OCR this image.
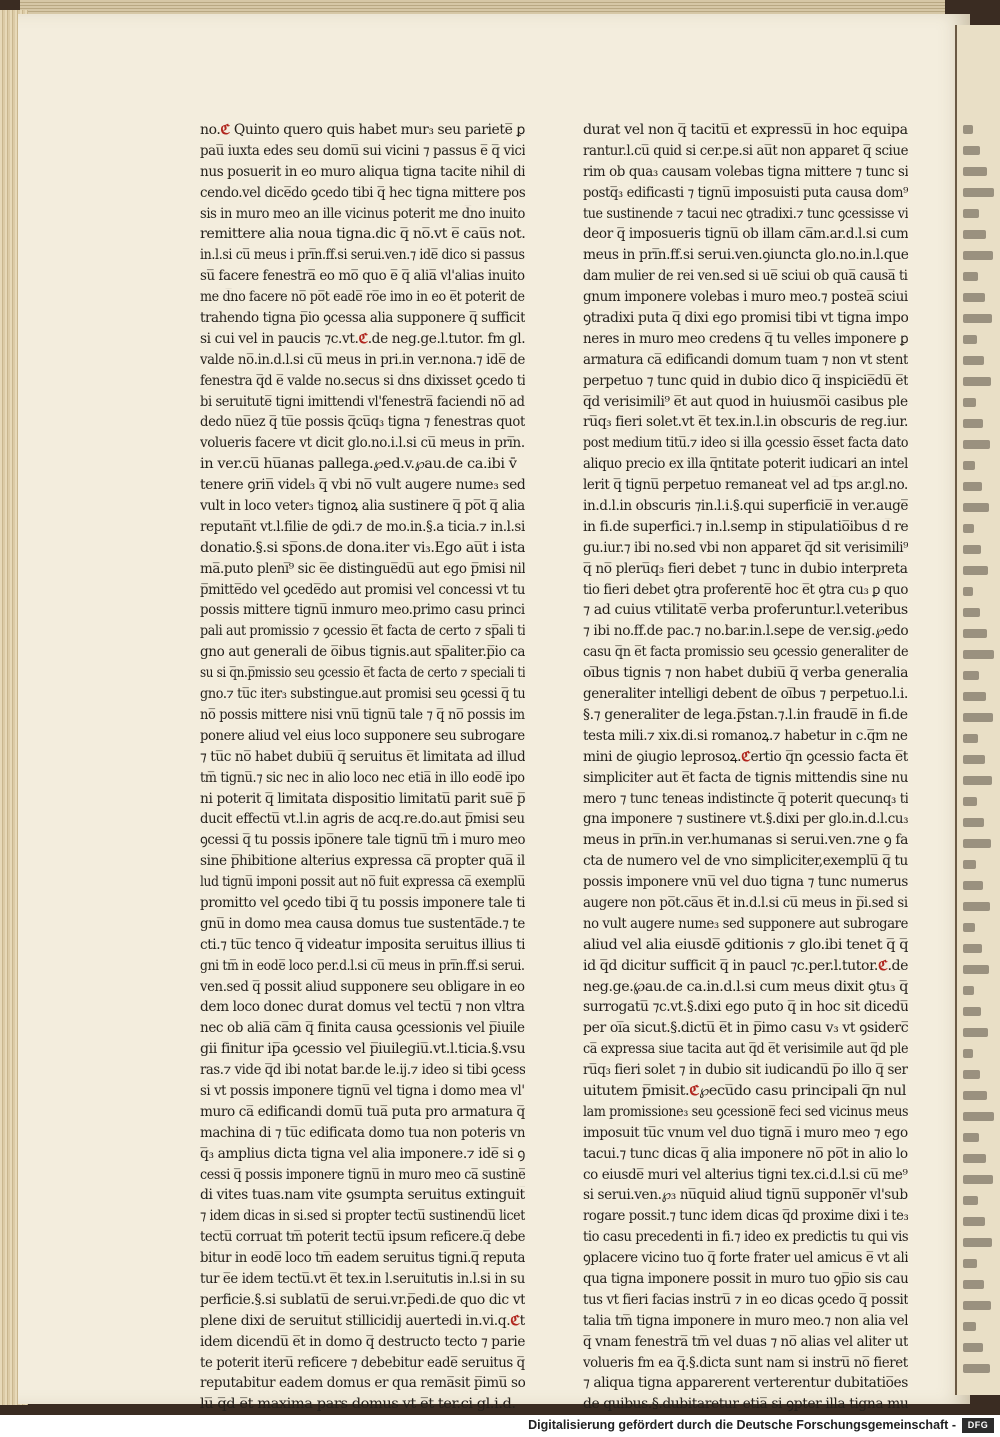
no.ℭ Quinto quero quis habet mur₃ seu pariete̅ ꝑ
pau̅ iuxta edes seu domu̅ sui vicini ⁊ passus e̅ q̅ vici
nus posuerit in eo muro aliqua tigna tacite nihil di
cendo.vel dice̅do ꝯcedo tibi q̅ hec tigna mittere pos
sis in muro meo an ille vicinus poterit me d̅no inuito
remittere alia noua tigna.dic q̅ no̅.vt e̅ cau̅s not.
in.l.si cu̅ meus i pri̅n.ff.si serui.ven.⁊ ide̅ dico si passus
su̅ facere fenestra̅ eo mo̅ quo e̅ q̅ alia̅ vl'alias inuito
me d̅no facere no̅ po̅t eade̅ ro̅e imo in eo e̅t poterit de
trahendo tigna p̅io ꝯcessa alia supponere q̅ sufficit
si cui vel in paucis ⁊c.vt.ℭ.de neg.ge.l.tutor. fm gl.
valde no̅.in.d.l.si cu̅ meus in pri.in ver.nona.⁊ ide̅ de
fenestra q̅d e̅ valde no.secus si d̅ns dixisset ꝯcedo ti
bi seruitute̅ tigni imittendi vl'fenestra̅ faciendi no̅ ad
dedo nu̅ez q̅ tu̅e possis q̅cu̅q₃ tigna ⁊ fenestras quot
volueris facere vt dicit glo.no.i.l.si cu̅ meus in pri̅n.
in ver.cu̅ hu̅anas pallega.℘ed.v.℘au.de ca.ibi v̄
tenere ꝯrin̅ videl₃ q̅ vbi no̅ vult augere nume₃ sed
vult in loco veter₃ tignoꝝ alia sustinere q̅ po̅t q̅ alia
reputan̅t vt.l.filie de ꝯdi.⁊ de mo.in.§.a ticia.⁊ in.l.si
donatio.§.si sp̅ons.de dona.iter vi₃.Ego au̅t i ista
ma̅.puto pleni̅⁹ sic e̅e distingue̅du̅ aut ego p̅misi nil
p̅mitte̅do vel ꝯcede̅do aut promisi vel concessi vt tu
possis mittere tignu̅ inmuro meo.primo casu princi
pali aut promissio ⁊ ꝯcessio e̅t facta de certo ⁊ sp̅ali ti
gno aut generali de o̅ibus tignis.aut sp̅aliter.p̅io ca
su si q̅n.p̅missio seu ꝯcessio e̅t facta de certo ⁊ speciali ti
gno.⁊ tu̅c iter₃ substingue.aut promisi seu ꝯcessi q̅ tu
no̅ possis mittere nisi vnu̅ tignu̅ tale ⁊ q̅ no̅ possis im
ponere aliud vel eius loco supponere seu subrogare
⁊ tu̅c no̅ habet dubiu̅ q̅ seruitus e̅t limitata ad illud
tm̅ tignu̅.⁊ sic nec in alio loco nec etia̅ in illo eode̅ ipo
ni poterit q̅ limitata dispositio limitatu̅ parit sue̅ p̅
ducit effectu̅ vt.l.in agris de acq.re.do.aut p̅misi seu
ꝯcessi q̅ tu possis ipo̅nere tale tignu̅ tm̅ i muro meo
sine p̅hibitione alterius expressa ca̅ propter qua̅ il
lud tignu̅ imponi possit aut no̅ fuit expressa ca̅ exemplu̅
promitto vel ꝯcedo tibi q̅ tu possis imponere tale ti
gnu̅ in domo mea causa domus tue sustenta̅de.⁊ te
cti.⁊ tu̅c tenco q̅ videatur imposita seruitus illius ti
gni tm̅ in eode̅ loco per.d.l.si cu̅ meus in pri̅n.ff.si serui.
ven.sed q̅ possit aliud supponere seu obligare in eo
dem loco donec durat domus vel tectu̅ ⁊ non vltra
nec ob alia̅ ca̅m q̅ finita causa ꝯcessionis vel p̅iuile
gii finitur ip̅a ꝯcessio vel p̅iuilegiu̅.vt.l.ticia.§.vsu
ras.⁊ vide q̅d ibi notat bar.de le.ij.⁊ ideo si tibi ꝯcess
si vt possis imponere tignu̅ vel tigna i domo mea vl'
muro ca̅ edificandi domu̅ tua̅ puta pro armatura q̅
machina di ⁊ tu̅c edificata domo tua non poteris vn
q̅₃ amplius dicta tigna vel alia imponere.⁊ ide̅ si ꝯ
cessi q̅ possis imponere tignu̅ in muro meo ca̅ sustine̅
di vites tuas.nam vite ꝯsumpta seruitus extinguit̅
⁊ idem dicas in si.sed si propter tectu̅ sustinendu̅ licet
tectu̅ corruat tm̅ poterit tectu̅ ipsum reficere.q̅ debe
bitur in eode̅ loco tm̅ eadem seruitus tigni.q̅ reputa
tur e̅e idem tectu̅.vt e̅t tex.in l.seruitutis in.l.si in su
perficie.§.si sublatu̅ de serui.vr.p̅edi.de quo dic vt
plene dixi de seruitut̅ stillicidij auertedi in.vi.q.ℭt
idem dicendu̅ e̅t in domo q̅ destructo tecto ⁊ parie
te poterit iteru̅ reficere ⁊ debebitur eade̅ seruitus q̅
reputabitur eadem domus er qua rema̅sit p̅imu̅ so
lu̅ q̅d e̅t maxima pars domus vt e̅t ter.ci gl.i.d.
durat vel non q̅ tacitu̅ et expressu̅ in hoc equipa
rantur.l.cu̅ quid si cer.pe.si au̅t non apparet q̅ sciue
rim ob qua₃ causam volebas tigna mittere ⁊ tunc si
postq̅₃ edificasti ⁊ tignu̅ imposuisti puta causa dom⁹
tue sustinende ⁊ tacui nec ꝯtradixi.⁊ tunc ꝯcessisse vi
deor q̅ imposueris tignu̅ ob illam ca̅m.ar.d.l.si cum
meus in pri̅n.ff.si serui.ven.ꝯiuncta glo.no.in.l.que
dam mulier de rei ven.sed si ue̅ sciui ob qua̅ causa̅ ti
gnum imponere volebas i muro meo.⁊ postea̅ sciui
ꝯtradixi puta q̅ dixi ego promisi tibi vt tigna impo
neres in muro meo credens q̅ tu velles imponere ꝑ
armatura ca̅ edificandi domum tuam ⁊ non vt stent
perpetuo ⁊ tunc quid in dubio dico q̅ inspicie̅du̅ e̅t
q̅d verisimili⁹ e̅t aut quod in huiusmo̅i casibus ple
ru̅q₃ fieri solet.vt e̅t tex.in.l.in obscuris de reg.iur.
post medium titu̅.⁊ ideo si illa ꝯcessio e̅sset facta dato
aliquo precio ex illa q̅ntitate poterit iudicari an intel
lerit q̅ tignu̅ perpetuo remaneat vel ad t̅ps ar.gl.no.
in.d.l.in obscuris ⁊in.l.i.§.qui superficie̅ in ver.auge̅
in fi.de superfici.⁊ in.l.semp in stipulatio̅ibus d̅ re
gu.iur.⁊ ibi no.sed vbi non apparet q̅d sit verisimili⁹
q̅ no̅ pleru̅q₃ fieri debet ⁊ tunc in dubio interpreta
tio fieri debet ꝯtra proferente̅ hoc e̅t ꝯtra cu₃ ꝑ quo
⁊ ad cuius vtilitate̅ verba proferuntur.l.veteribus
⁊ ibi no.ff.de pac.⁊ no.bar.in.l.sepe de ver.sig.℘edo
casu q̅n e̅t facta promissio seu ꝯcessio generaliter de
oi̅bus tignis ⁊ non habet dubiu̅ q̅ verba generalia
generaliter intelligi debent de oi̅bus ⁊ perpetuo.l.i.
§.⁊ generaliter de lega.p̅stan.⁊.l.in fraude̅ in fi.de
testa mili.⁊ xix.di.si romanoꝝ.⁊ habetur in c.q̅m ne
mini de ꝯiugio leprosoꝝ.ℭertio q̅n ꝯcessio facta e̅t
simpliciter aut e̅t facta de tignis mittendis sine nu
mero ⁊ tunc teneas indistincte q̅ poterit quecunq₃ ti
gna imponere ⁊ sustinere vt.§.dixi per glo.in.d.l.cu₃
meus in pri̅n.in ver.humanas si serui.ven.⁊ne ꝯ fa
cta de numero vel de vno simpliciter,exemplu̅ q̅ tu
possis imponere vnu̅ vel duo tigna ⁊ tunc numerus
augere non po̅t.ca̅us e̅t in.d.l.si cu̅ meus in p̅i.sed si
no vult augere nume₃ sed supponere aut subrogare
aliud vel alia eiusde̅ ꝯditionis ⁊ glo.ibi tenet q̅ q̅
id q̅d dicitur sufficit q̅ in paucl ⁊c.per.l.tutor.ℭ.de
neg.ge.℘au.de ca.in.d.l.si cum meus dixit ꝯtu₃ q̅
surrogatu̅ ⁊c.vt.§.dixi ego puto q̅ in hoc sit dicedu̅
per oi̅a sicut.§.dictu̅ e̅t in p̅imo casu v₃ vt ꝯsiderc̅
ca̅ expressa siue tacita aut q̅d e̅t verisimile aut q̅d ple
ru̅q₃ fieri solet ⁊ in dubio sit iudicandu̅ p̅o illo q̅ ser
uitutem p̅misit.ℭ℘ecu̅do casu principali q̅n nul
lam promissione₃ seu ꝯcessione̅ feci sed vicinus meus
imposuit tu̅c vnum vel duo tigna̅ i muro meo ⁊ ego
tacui.⁊ tunc dicas q̅ alia imponere no̅ po̅t in alio lo
co eiusde̅ muri vel alterius tigni tex.ci.d.l.si cu̅ me⁹
si serui.ven.℘₃ nu̅quid aliud tignu̅ suppone̅r vl'sub
rogare possit.⁊ tunc idem dicas q̅d proxime dixi i te₃
tio casu precedenti in fi.⁊ ideo ex predictis tu qui vis
ꝯplacere vicino tuo q̅ forte frater uel amicus e̅ vt ali
qua tigna imponere possit in muro tuo ꝯp̅io sis cau
tus vt fieri facias instru̅ ⁊ in eo dicas ꝯcedo q̅ possit
talia tm̅ tigna imponere in muro meo.⁊ non alia vel
q̅ vnam fenestra̅ tm̅ vel duas ⁊ no̅ alias vel aliter ut
volueris fm ea q̅.§.dicta sunt nam si instru̅ no̅ fieret
⁊ aliqua tigna apparerent verterentur dubitatio̅es
de quibus.§.dubitaretur etia̅ si ꝯpter illa tigna mu
Digitalisierung gefördert durch die Deutsche Forschungsgemeinschaft -	DFG
